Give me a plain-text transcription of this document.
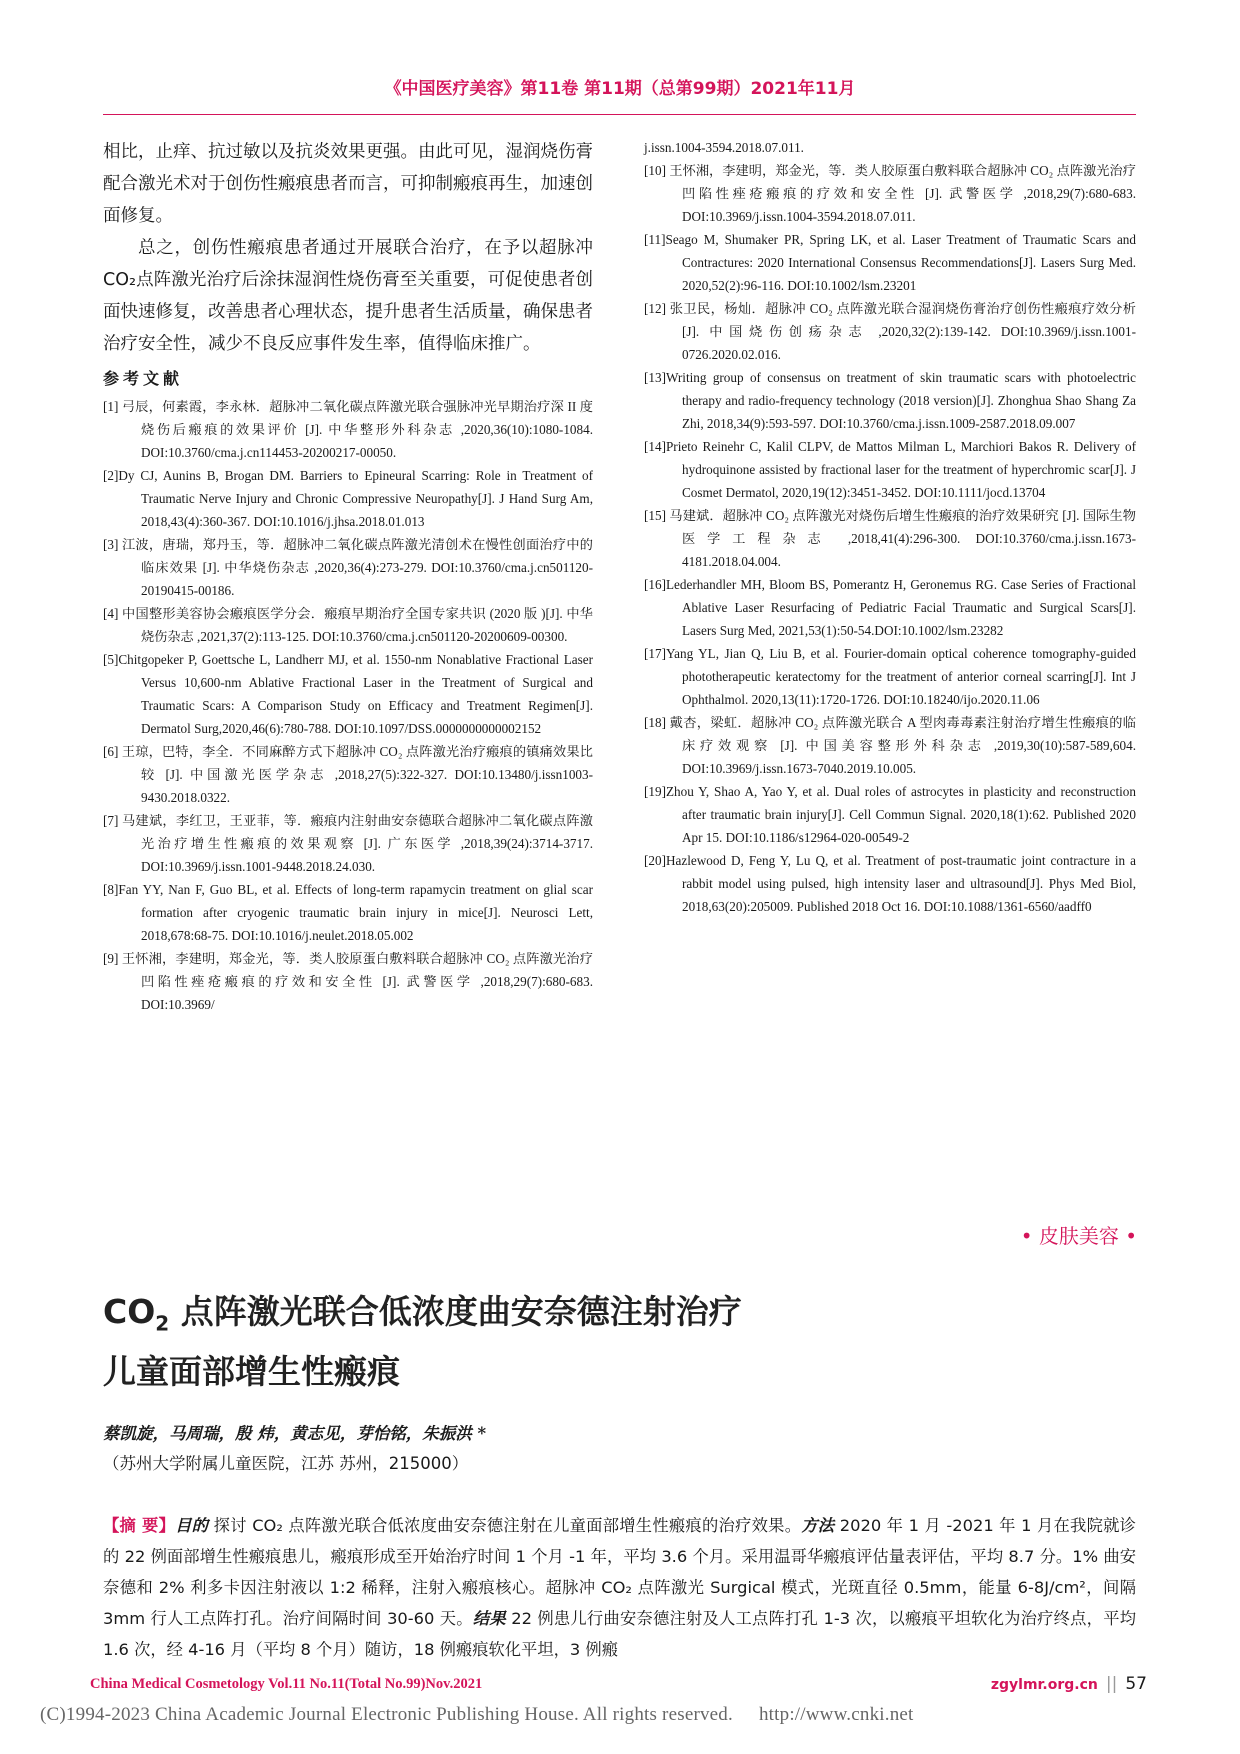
《中国医疗美容》第11卷 第11期（总第99期）2021年11月

相比，止痒、抗过敏以及抗炎效果更强。由此可见，湿润烧伤膏配合激光术对于创伤性瘢痕患者而言，可抑制瘢痕再生，加速创面修复。

总之，创伤性瘢痕患者通过开展联合治疗，在予以超脉冲CO₂点阵激光治疗后涂抹湿润性烧伤膏至关重要，可促使患者创面快速修复，改善患者心理状态，提升患者生活质量，确保患者治疗安全性，减少不良反应事件发生率，值得临床推广。

参考文献

[1] 弓辰，何素霞，李永林．超脉冲二氧化碳点阵激光联合强脉冲光早期治疗深 II 度烧伤后瘢痕的效果评价 [J]. 中华整形外科杂志 ,2020,36(10):1080-1084. DOI:10.3760/cma.j.cn114453-20200217-00050.

[2]Dy CJ, Aunins B, Brogan DM. Barriers to Epineural Scarring: Role in Treatment of Traumatic Nerve Injury and Chronic Compressive Neuropathy[J]. J Hand Surg Am, 2018,43(4):360-367. DOI:10.1016/j.jhsa.2018.01.013

[3] 江波，唐瑞，郑丹玉，等．超脉冲二氧化碳点阵激光清创术在慢性创面治疗中的临床效果 [J]. 中华烧伤杂志 ,2020,36(4):273-279. DOI:10.3760/cma.j.cn501120-20190415-00186.

[4] 中国整形美容协会瘢痕医学分会．瘢痕早期治疗全国专家共识 (2020 版 )[J]. 中华烧伤杂志 ,2021,37(2):113-125. DOI:10.3760/cma.j.cn501120-20200609-00300.

[5]Chitgopeker P, Goettsche L, Landherr MJ, et al. 1550-nm Nonablative Fractional Laser Versus 10,600-nm Ablative Fractional Laser in the Treatment of Surgical and Traumatic Scars: A Comparison Study on Efficacy and Treatment Regimen[J]. Dermatol Surg,2020,46(6):780-788. DOI:10.1097/DSS.0000000000002152

[6] 王琼，巴特，李全．不同麻醉方式下超脉冲 CO₂ 点阵激光治疗瘢痕的镇痛效果比较 [J]. 中国激光医学杂志 ,2018,27(5):322-327. DOI:10.13480/j.issn1003-9430.2018.0322.

[7] 马建斌，李红卫，王亚菲，等．瘢痕内注射曲安奈德联合超脉冲二氧化碳点阵激光治疗增生性瘢痕的效果观察 [J]. 广东医学 ,2018,39(24):3714-3717. DOI:10.3969/j.issn.1001-9448.2018.24.030.

[8]Fan YY, Nan F, Guo BL, et al. Effects of long-term rapamycin treatment on glial scar formation after cryogenic traumatic brain injury in mice[J]. Neurosci Lett, 2018,678:68-75. DOI:10.1016/j.neulet.2018.05.002

[9] 王怀湘，李建明，郑金光，等．类人胶原蛋白敷料联合超脉冲 CO₂ 点阵激光治疗凹陷性痤疮瘢痕的疗效和安全性 [J]. 武警医学 ,2018,29(7):680-683. DOI:10.3969/

j.issn.1004-3594.2018.07.011.

[10] 王怀湘，李建明，郑金光，等．类人胶原蛋白敷料联合超脉冲 CO₂ 点阵激光治疗凹陷性痤疮瘢痕的疗效和安全性 [J]. 武警医学 ,2018,29(7):680-683. DOI:10.3969/j.issn.1004-3594.2018.07.011.

[11]Seago M, Shumaker PR, Spring LK, et al. Laser Treatment of Traumatic Scars and Contractures: 2020 International Consensus Recommendations[J]. Lasers Surg Med. 2020,52(2):96-116. DOI:10.1002/lsm.23201

[12] 张卫民，杨灿．超脉冲 CO₂ 点阵激光联合湿润烧伤膏治疗创伤性瘢痕疗效分析 [J]. 中国烧伤创疡杂志 ,2020,32(2):139-142. DOI:10.3969/j.issn.1001-0726.2020.02.016.

[13]Writing group of consensus on treatment of skin traumatic scars with photoelectric therapy and radio-frequency technology (2018 version)[J]. Zhonghua Shao Shang Za Zhi, 2018,34(9):593-597. DOI:10.3760/cma.j.issn.1009-2587.2018.09.007

[14]Prieto Reinehr C, Kalil CLPV, de Mattos Milman L, Marchiori Bakos R. Delivery of hydroquinone assisted by fractional laser for the treatment of hyperchromic scar[J]. J Cosmet Dermatol, 2020,19(12):3451-3452. DOI:10.1111/jocd.13704

[15] 马建斌．超脉冲 CO₂ 点阵激光对烧伤后增生性瘢痕的治疗效果研究 [J]. 国际生物医学工程杂志 ,2018,41(4):296-300. DOI:10.3760/cma.j.issn.1673-4181.2018.04.004.

[16]Lederhandler MH, Bloom BS, Pomerantz H, Geronemus RG. Case Series of Fractional Ablative Laser Resurfacing of Pediatric Facial Traumatic and Surgical Scars[J]. Lasers Surg Med, 2021,53(1):50-54.DOI:10.1002/lsm.23282

[17]Yang YL, Jian Q, Liu B, et al. Fourier-domain optical coherence tomography-guided phototherapeutic keratectomy for the treatment of anterior corneal scarring[J]. Int J Ophthalmol. 2020,13(11):1720-1726. DOI:10.18240/ijo.2020.11.06

[18] 戴杏，梁虹．超脉冲 CO₂ 点阵激光联合 A 型肉毒毒素注射治疗增生性瘢痕的临床疗效观察 [J]. 中国美容整形外科杂志 ,2019,30(10):587-589,604. DOI:10.3969/j.issn.1673-7040.2019.10.005.

[19]Zhou Y, Shao A, Yao Y, et al. Dual roles of astrocytes in plasticity and reconstruction after traumatic brain injury[J]. Cell Commun Signal. 2020,18(1):62. Published 2020 Apr 15. DOI:10.1186/s12964-020-00549-2

[20]Hazlewood D, Feng Y, Lu Q, et al. Treatment of post-traumatic joint contracture in a rabbit model using pulsed, high intensity laser and ultrasound[J]. Phys Med Biol, 2018,63(20):205009. Published 2018 Oct 16. DOI:10.1088/1361-6560/aadff0

• 皮肤美容 •
$CO_2$ 点阵激光联合低浓度曲安奈德注射治疗
儿童面部增生性瘢痕
蔡凯旋，马周瑞，殷 炜，黄志见，芽怡铭，朱振洪 *
（苏州大学附属儿童医院，江苏 苏州，215000）
【摘 要】目的 探讨 CO₂ 点阵激光联合低浓度曲安奈德注射在儿童面部增生性瘢痕的治疗效果。方法 2020 年 1 月 -2021 年 1 月在我院就诊的 22 例面部增生性瘢痕患儿，瘢痕形成至开始治疗时间 1 个月 -1 年，平均 3.6 个月。采用温哥华瘢痕评估量表评估，平均 8.7 分。1% 曲安奈德和 2% 利多卡因注射液以 1:2 稀释，注射入瘢痕核心。超脉冲 CO₂ 点阵激光 Surgical 模式，光斑直径 0.5mm，能量 6-8J/cm²，间隔 3mm 行人工点阵打孔。治疗间隔时间 30-60 天。结果 22 例患儿行曲安奈德注射及人工点阵打孔 1-3 次，以瘢痕平坦软化为治疗终点，平均 1.6 次，经 4-16 月（平均 8 个月）随访，18 例瘢痕软化平坦，3 例瘢
China Medical Cosmetology Vol.11 No.11(Total No.99)Nov.2021	zgylmr.org.cn || 57
(C)1994-2023 China Academic Journal Electronic Publishing House. All rights reserved. http://www.cnki.net
